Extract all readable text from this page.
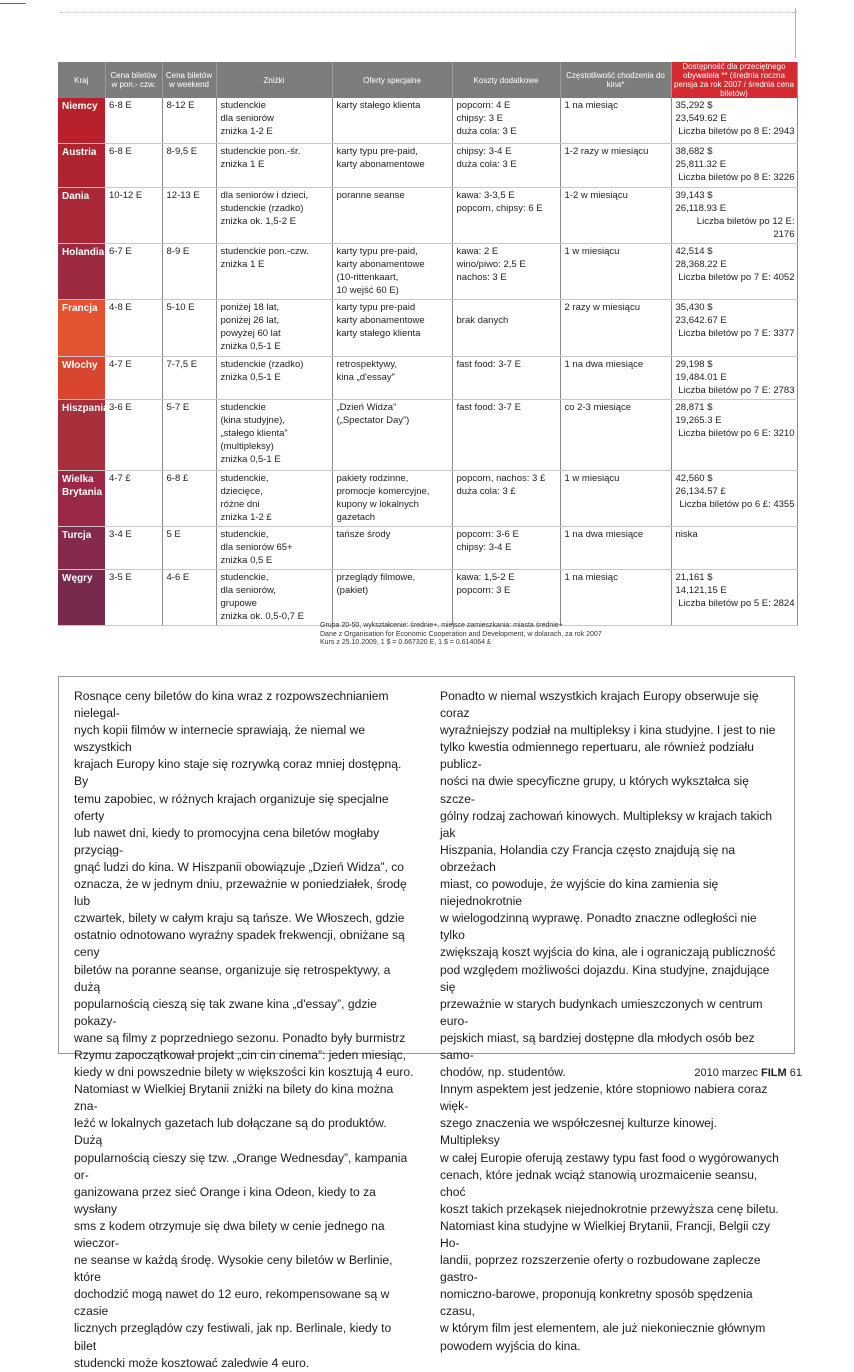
Kraj	Cena biletów w pon.- czw.	Cena biletów w weekend	Zniżki	Oferty specjalne	Koszty dodatkowe	Częstotliwość chodzenia do kina*	Dostępność dla przeciętnego obywatela ** (średnia roczna pensja za rok 2007 / średnia cena biletów)
Niemcy	6-8 E	8-12 E	studenckie
dla seniorów
zniżka 1-2 E	karty stałego klienta	popcorn: 4 E
chipsy: 3 E
duża cola: 3 E	1 na miesiąc	35,292 $
23,549.62 E
Liczba biletów po 8 E: 2943

Austria	6-8 E	8-9,5 E	studenckie pon.-śr.
zniżka 1 E	karty typu pre-paid,
karty abonamentowe	chipsy: 3-4 E
duża cola: 3 E	1-2 razy w miesiącu	38,682 $
25,811.32 E
Liczba biletów po 8 E: 3226

Dania	10-12 E	12-13 E	dla seniorów i dzieci,
studenckie (rzadko)
zniżka ok. 1,5-2 E	poranne seanse	kawa: 3-3,5 E
popcorn, chipsy: 6 E	1-2 w miesiącu	39,143 $
26,118.93 E
Liczba biletów po 12 E: 2176

Holandia	6-7 E	8-9 E	studenckie pon.-czw.
zniżka 1 E	karty typu pre-paid,
karty abonamentowe
(10-rittenkaart,
10 wejść 60 E)	kawa: 2 E
wino/piwo: 2,5 E
nachos: 3 E	1 w miesiącu	42,514 $
28,368.22 E
Liczba biletów po 7 E: 4052

Francja	4-8 E	5-10 E	poniżej 18 lat,
poniżej 26 lat,
powyżej 60 lat
zniżka 0,5-1 E	karty typu pre-paid
karty abonamentowe
karty stałego klienta	
brak danych	2 razy w miesiącu	35,430 $
23,642.67 E
Liczba biletów po 7 E: 3377

Włochy	4-7 E	7-7,5 E	studenckie (rzadko)
zniżka 0,5-1 E	retrospektywy,
kina „d'essay”	fast food: 3-7 E	1 na dwa miesiące	29,198 $
19,484.01 E
Liczba biletów po 7 E: 2783

Hiszpania	3-6 E	5-7 E	studenckie
(kina studyjne),
„stałego klienta”
(multipleksy)
zniżka 0,5-1 E	„Dzień Widza”
(„Spectator Day”)	fast food: 3-7 E	co 2-3 miesiące	28,871 $
19,265.3 E
Liczba biletów po 6 E: 3210

Wielka Brytania	4-7 £	6-8 £	studenckie,
dziecięce,
różne dni
zniżka 1-2 £	pakiety rodzinne,
promocje komercyjne,
kupony w lokalnych
gazetach	popcorn, nachos: 3 £
duża cola: 3 £	1 w miesiącu	42,560 $
26,134.57 £
Liczba biletów po 6 £: 4355

Turcja	3-4 E	5 E	studenckie,
dla seniorów 65+
zniżka 0,5 E	tańsze środy	popcorn: 3-6 E
chipsy: 3-4 E	1 na dwa miesiące	niska

Węgry	3-5 E	4-6 E	studenckie,
dla seniorów,
grupowe
zniżka ok. 0,5-0,7 E	przeglądy filmowe,
(pakiet)	kawa: 1,5-2 E
popcorn: 3 E	1 na miesiąc	21,161 $
14,121,15 E
Liczba biletów po 5 E: 2824
Grupa 20-50, wykształcenie: średnie+, miejsce zamieszkania: miasta średnie+
Dane z Organisation for Economic Cooperation and Development, w dolarach, za rok 2007
Kurs z 25.10.2009, 1 $ = 0.667320 E, 1 $ = 0.614064 £
Rosnące ceny biletów do kina wraz z rozpowszechnianiem nielegal-
nych kopii filmów w internecie sprawiają, że niemal we wszystkich
krajach Europy kino staje się rozrywką coraz mniej dostępną. By
temu zapobiec, w różnych krajach organizuje się specjalne oferty
lub nawet dni, kiedy to promocyjna cena biletów mogłaby przyciąg-
gnąć ludzi do kina. W Hiszpanii obowiązuje „Dzień Widza”, co
oznacza, że w jednym dniu, przeważnie w poniedziałek, środę lub
czwartek, bilety w całym kraju są tańsze. We Włoszech, gdzie
ostatnio odnotowano wyraźny spadek frekwencji, obniżane są ceny
biletów na poranne seanse, organizuje się retrospektywy, a dużą
popularnością cieszą się tak zwane kina „d'essay”, gdzie pokazy-
wane są filmy z poprzedniego sezonu. Ponadto były burmistrz
Rzymu zapoczątkował projekt „cin cin cinema”: jeden miesiąc,
kiedy w dni powszednie bilety w większości kin kosztują 4 euro.
Natomiast w Wielkiej Brytanii zniżki na bilety do kina można zna-
leźć w lokalnych gazetach lub dołączane są do produktów. Dużą
popularnością cieszy się tzw. „Orange Wednesday”, kampania or-
ganizowana przez sieć Orange i kina Odeon, kiedy to za wysłany
sms z kodem otrzymuje się dwa bilety w cenie jednego na wieczor-
ne seanse w każdą środę. Wysokie ceny biletów w Berlinie, które
dochodzić mogą nawet do 12 euro, rekompensowane są w czasie
licznych przeglądów czy festiwali, jak np. Berlinale, kiedy to bilet
studencki może kosztować zaledwie 4 euro.
Ponadto w niemal wszystkich krajach Europy obserwuje się coraz
wyraźniejszy podział na multipleksy i kina studyjne. I jest to nie
tylko kwestia odmiennego repertuaru, ale również podziału publicz-
ności na dwie specyficzne grupy, u których wykształca się szcze-
gólny rodzaj zachowań kinowych. Multipleksy w krajach takich jak
Hiszpania, Holandia czy Francja często znajdują się na obrzeżach
miast, co powoduje, że wyjście do kina zamienia się niejednokrotnie
w wielogodzinną wyprawę. Ponadto znaczne odległości nie tylko
zwiększają koszt wyjścia do kina, ale i ograniczają publiczność
pod względem możliwości dojazdu. Kina studyjne, znajdujące się
przeważnie w starych budynkach umieszczonych w centrum euro-
pejskich miast, są bardziej dostępne dla młodych osób bez samo-
chodów, np. studentów.
Innym aspektem jest jedzenie, które stopniowo nabiera coraz więk-
szego znaczenia we współczesnej kulturze kinowej. Multipleksy
w całej Europie oferują zestawy typu fast food o wygórowanych
cenach, które jednak wciąż stanowią urozmaicenie seansu, choć
koszt takich przekąsek niejednokrotnie przewyższa cenę biletu.
Natomiast kina studyjne w Wielkiej Brytanii, Francji, Belgii czy Ho-
landii, poprzez rozszerzenie oferty o rozbudowane zaplecze gastro-
nomiczno-barowe, proponują konkretny sposób spędzenia czasu,
w którym film jest elementem, ale już niekoniecznie głównym
powodem wyjścia do kina.
2010 marzec FILM 61
